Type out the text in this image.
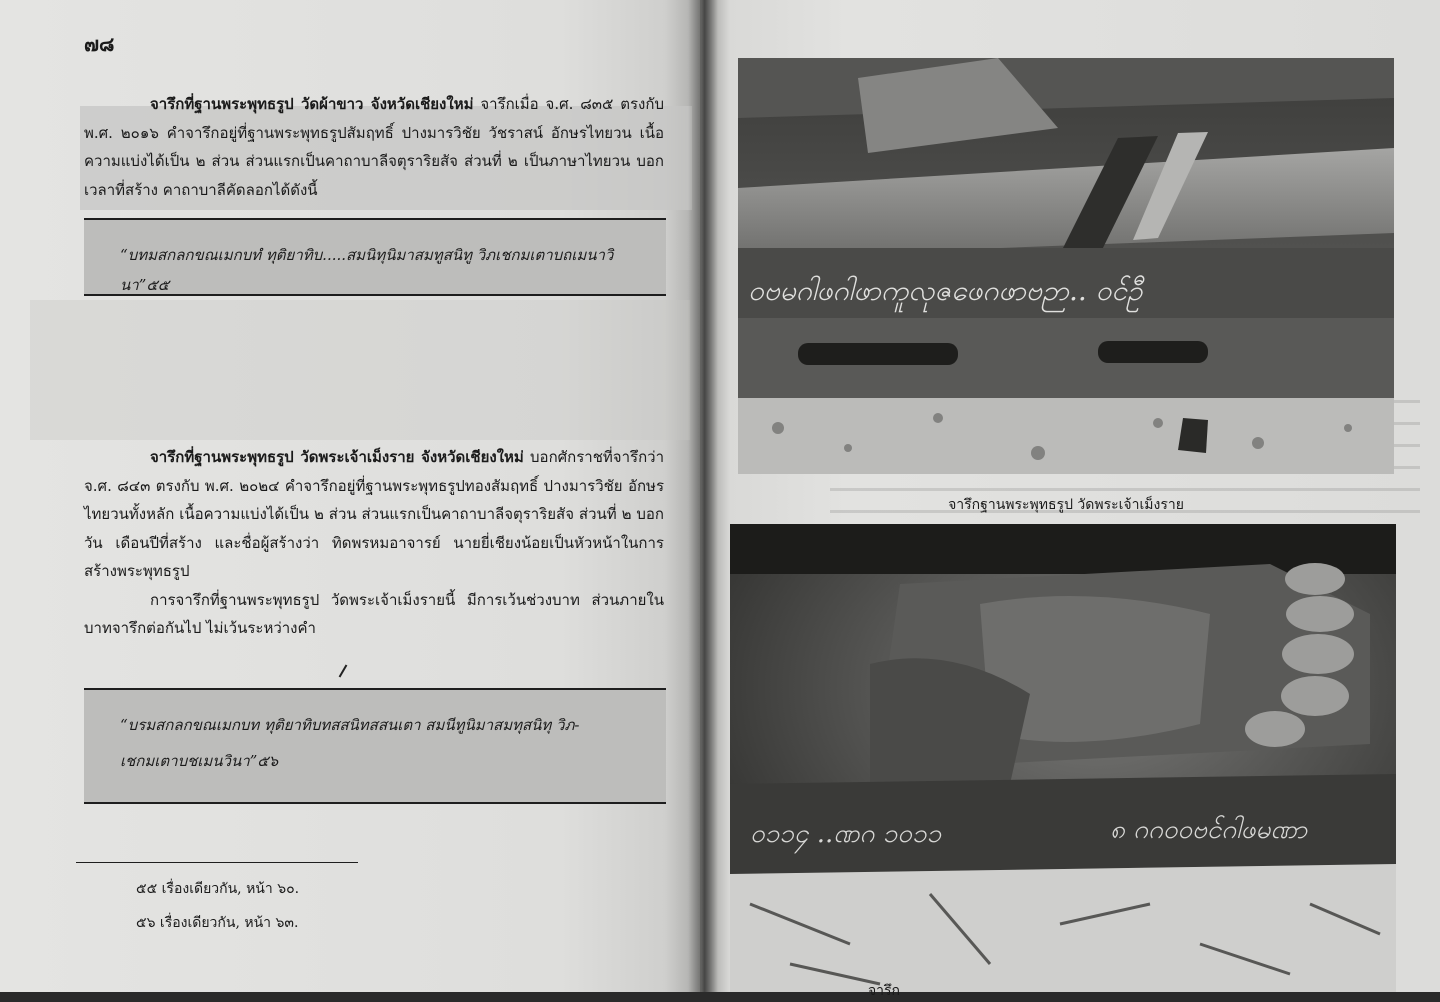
๗๘

จารึกที่ฐานพระพุทธรูป วัดผ้าขาว จังหวัดเชียงใหม่ จารึกเมื่อ จ.ศ. ๘๓๕ ตรงกับ พ.ศ. ๒๐๑๖ คำจารึกอยู่ที่ฐานพระพุทธรูปสัมฤทธิ์ ปางมารวิชัย วัชราสน์ อักษรไทยวน เนื้อความแบ่งได้เป็น ๒ ส่วน ส่วนแรกเป็นคาถาบาลีจตุราริยสัจ ส่วนที่ ๒ เป็นภาษาไทยวน บอกเวลาที่สร้าง คาถาบาลีคัดลอกได้ดังนี้

“บทมสกลกขณเมกบทํ ทุติยาทิบ.....สมนิทุนิมาสมทูสนิทู วิภเชกมเตาบถเมนาวินา”๕๕

จารึกที่ฐานพระพุทธรูป วัดพระเจ้าเม็งราย จังหวัดเชียงใหม่ บอกศักราชที่จารึกว่า จ.ศ. ๘๔๓ ตรงกับ พ.ศ. ๒๐๒๔ คำจารึกอยู่ที่ฐานพระพุทธรูปทองสัมฤทธิ์ ปางมารวิชัย อักษรไทยวนทั้งหลัก เนื้อความแบ่งได้เป็น ๒ ส่วน ส่วนแรกเป็นคาถาบาลีจตุราริยสัจ ส่วนที่ ๒ บอกวัน เดือนปีที่สร้าง และชื่อผู้สร้างว่า ทิดพรหมอาจารย์ นายยี่เชียงน้อยเป็นหัวหน้าในการสร้างพระพุทธรูป

การจารึกที่ฐานพระพุทธรูป วัดพระเจ้าเม็งรายนี้ มีการเว้นช่วงบาท ส่วนภายในบาทจารึกต่อกันไป ไม่เว้นระหว่างคำ

“บรมสกลกขณเมกบท ทุติยาทิบทสสนิทสสนเตา สมนีทูนิมาสมทุสนิทุ วิภ-
เชกมเตาบชเมนวินา”๕๖
๕๕ เรื่องเดียวกัน, หน้า ๖๐.
๕๖ เรื่องเดียวกัน, หน้า ๖๓.
ဝဗမဂါဖဂါဖာကူလုဇဖေဂဖာဗဉာ.. ဝင်ဦ
จารึกฐานพระพุทธรูป วัดพระเจ้าเม็งราย
ဝ၁၁၄ ..ဏဂ ၁ဝ၁၁	၈ ဂဂဝဝဗင်ဂါဖမဏာ
จารึก
